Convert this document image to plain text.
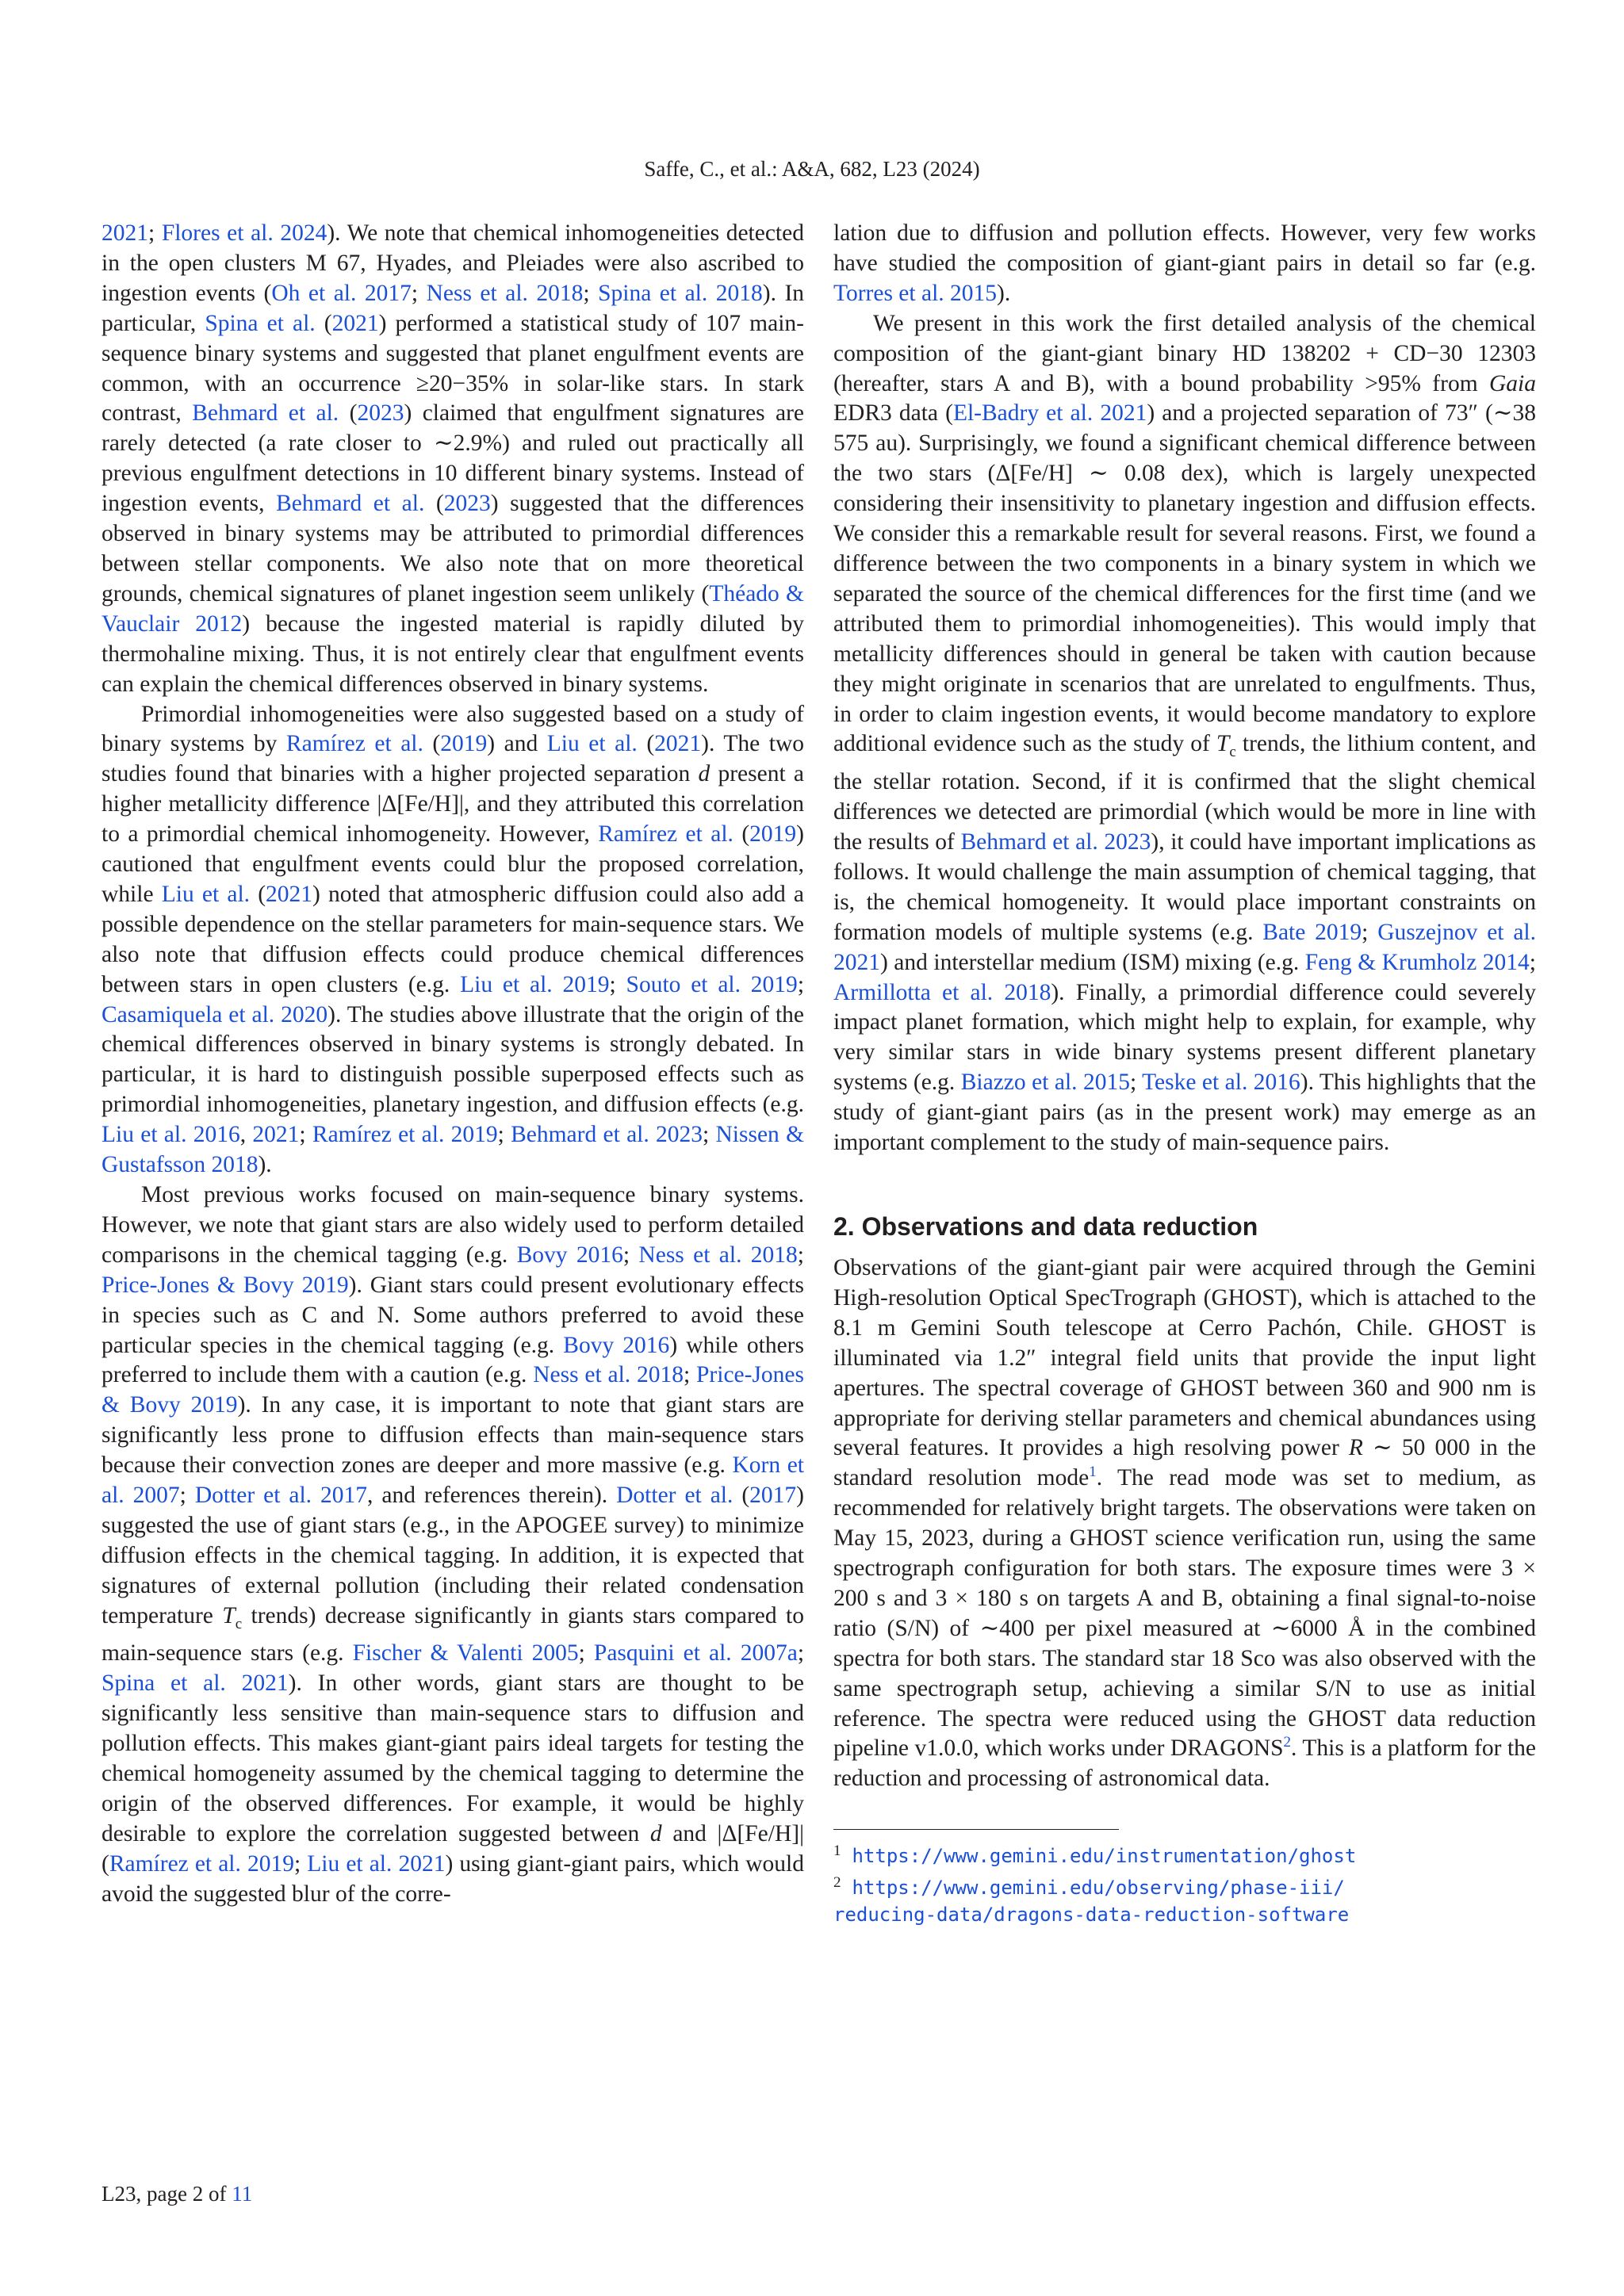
Saffe, C., et al.: A&A, 682, L23 (2024)

2021; Flores et al. 2024). We note that chemical inhomogeneities detected in the open clusters M 67, Hyades, and Pleiades were also ascribed to ingestion events (Oh et al. 2017; Ness et al. 2018; Spina et al. 2018). In particular, Spina et al. (2021) performed a statistical study of 107 main-sequence binary systems and suggested that planet engulfment events are common, with an occurrence ≥20−35% in solar-like stars. In stark contrast, Behmard et al. (2023) claimed that engulfment signatures are rarely detected (a rate closer to ∼2.9%) and ruled out practically all previous engulfment detections in 10 different binary systems. Instead of ingestion events, Behmard et al. (2023) suggested that the differences observed in binary systems may be attributed to primordial differences between stellar components. We also note that on more theoretical grounds, chemical signatures of planet ingestion seem unlikely (Théado & Vauclair 2012) because the ingested material is rapidly diluted by thermohaline mixing. Thus, it is not entirely clear that engulfment events can explain the chemical differences observed in binary systems.

Primordial inhomogeneities were also suggested based on a study of binary systems by Ramírez et al. (2019) and Liu et al. (2021). The two studies found that binaries with a higher projected separation d present a higher metallicity difference |Δ[Fe/H]|, and they attributed this correlation to a primordial chemical inhomogeneity. However, Ramírez et al. (2019) cautioned that engulfment events could blur the proposed correlation, while Liu et al. (2021) noted that atmospheric diffusion could also add a possible dependence on the stellar parameters for main-sequence stars. We also note that diffusion effects could produce chemical differences between stars in open clusters (e.g. Liu et al. 2019; Souto et al. 2019; Casamiquela et al. 2020). The studies above illustrate that the origin of the chemical differences observed in binary systems is strongly debated. In particular, it is hard to distinguish possible superposed effects such as primordial inhomogeneities, planetary ingestion, and diffusion effects (e.g. Liu et al. 2016, 2021; Ramírez et al. 2019; Behmard et al. 2023; Nissen & Gustafsson 2018).

Most previous works focused on main-sequence binary systems. However, we note that giant stars are also widely used to perform detailed comparisons in the chemical tagging (e.g. Bovy 2016; Ness et al. 2018; Price-Jones & Bovy 2019). Giant stars could present evolutionary effects in species such as C and N. Some authors preferred to avoid these particular species in the chemical tagging (e.g. Bovy 2016) while others preferred to include them with a caution (e.g. Ness et al. 2018; Price-Jones & Bovy 2019). In any case, it is important to note that giant stars are significantly less prone to diffusion effects than main-sequence stars because their convection zones are deeper and more massive (e.g. Korn et al. 2007; Dotter et al. 2017, and references therein). Dotter et al. (2017) suggested the use of giant stars (e.g., in the APOGEE survey) to minimize diffusion effects in the chemical tagging. In addition, it is expected that signatures of external pollution (including their related condensation temperature $T_c$ trends) decrease significantly in giants stars compared to main-sequence stars (e.g. Fischer & Valenti 2005; Pasquini et al. 2007a; Spina et al. 2021). In other words, giant stars are thought to be significantly less sensitive than main-sequence stars to diffusion and pollution effects. This makes giant-giant pairs ideal targets for testing the chemical homogeneity assumed by the chemical tagging to determine the origin of the observed differences. For example, it would be highly desirable to explore the correlation suggested between d and |Δ[Fe/H]| (Ramírez et al. 2019; Liu et al. 2021) using giant-giant pairs, which would avoid the suggested blur of the corre-

lation due to diffusion and pollution effects. However, very few works have studied the composition of giant-giant pairs in detail so far (e.g. Torres et al. 2015).

We present in this work the first detailed analysis of the chemical composition of the giant-giant binary HD 138202 + CD−30 12303 (hereafter, stars A and B), with a bound probability >95% from Gaia EDR3 data (El-Badry et al. 2021) and a projected separation of 73″ (∼38 575 au). Surprisingly, we found a significant chemical difference between the two stars (Δ[Fe/H] ∼ 0.08 dex), which is largely unexpected considering their insensitivity to planetary ingestion and diffusion effects. We consider this a remarkable result for several reasons. First, we found a difference between the two components in a binary system in which we separated the source of the chemical differences for the first time (and we attributed them to primordial inhomogeneities). This would imply that metallicity differences should in general be taken with caution because they might originate in scenarios that are unrelated to engulfments. Thus, in order to claim ingestion events, it would become mandatory to explore additional evidence such as the study of $T_c$ trends, the lithium content, and the stellar rotation. Second, if it is confirmed that the slight chemical differences we detected are primordial (which would be more in line with the results of Behmard et al. 2023), it could have important implications as follows. It would challenge the main assumption of chemical tagging, that is, the chemical homogeneity. It would place important constraints on formation models of multiple systems (e.g. Bate 2019; Guszejnov et al. 2021) and interstellar medium (ISM) mixing (e.g. Feng & Krumholz 2014; Armillotta et al. 2018). Finally, a primordial difference could severely impact planet formation, which might help to explain, for example, why very similar stars in wide binary systems present different planetary systems (e.g. Biazzo et al. 2015; Teske et al. 2016). This highlights that the study of giant-giant pairs (as in the present work) may emerge as an important complement to the study of main-sequence pairs.

2. Observations and data reduction

Observations of the giant-giant pair were acquired through the Gemini High-resolution Optical SpecTrograph (GHOST), which is attached to the 8.1 m Gemini South telescope at Cerro Pachón, Chile. GHOST is illuminated via 1.2″ integral field units that provide the input light apertures. The spectral coverage of GHOST between 360 and 900 nm is appropriate for deriving stellar parameters and chemical abundances using several features. It provides a high resolving power R ∼ 50 000 in the standard resolution mode$^1$. The read mode was set to medium, as recommended for relatively bright targets. The observations were taken on May 15, 2023, during a GHOST science verification run, using the same spectrograph configuration for both stars. The exposure times were 3 × 200 s and 3 × 180 s on targets A and B, obtaining a final signal-to-noise ratio (S/N) of ∼400 per pixel measured at ∼6000 Å in the combined spectra for both stars. The standard star 18 Sco was also observed with the same spectrograph setup, achieving a similar S/N to use as initial reference. The spectra were reduced using the GHOST data reduction pipeline v1.0.0, which works under DRAGONS$^2$. This is a platform for the reduction and processing of astronomical data.

$^1$ https://www.gemini.edu/instrumentation/ghost
$^2$ https://www.gemini.edu/observing/phase-iii/
reducing-data/dragons-data-reduction-software
L23, page 2 of 11
